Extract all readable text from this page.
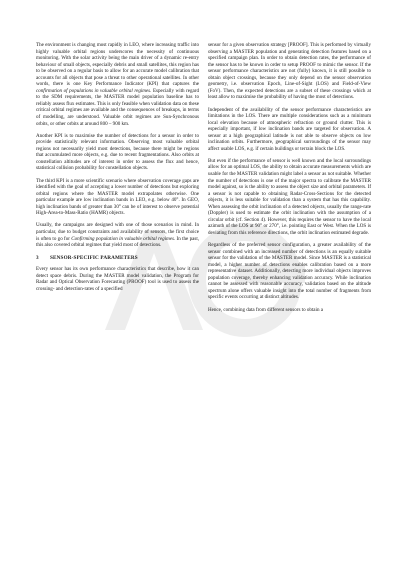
The environment is changing most rapidly in LEO, where increasing traffic into highly valuable orbital regions underscores the necessity of continuous monitoring. With the solar activity being the main driver of a dynamic re-entry behaviour of small objects, especially debris and small satellites, this region has to be observed on a regular basis to allow for an accurate model calibration that accounts for all objects that pose a threat to other operational satellites. In other words, there is one Key Performance Indicator (KPI) that captures the confirmation of populations in valuable orbital regimes. Especially with regard to the SDM requirements, the MASTER model population baseline has to reliably assess flux estimates. This is only feasible when validation data on these critical orbital regimes are available and the consequences of breakups, in terms of modelling, are understood. Valuable orbit regimes are Sun-Synchronous orbits, or other orbits at around 800 – 900 km.

Another KPI is to maximise the number of detections for a sensor in order to provide statistically relevant information. Observing most valuable orbital regions not necessarily yield most detections, because there might be regions that accumulated more objects, e.g. due to recent fragmentations. Also orbits at constellation altitudes are of interest in order to assess the flux and hence, statistical collision probability for constellation objects.

The third KPI is a more scientific scenario where observation coverage gaps are identified with the goal of accepting a lower number of detections but exploring orbital regions where the MASTER model extrapolates otherwise. One particular example are low inclination bands in LEO, e.g. below 40°. In GEO, high inclination bands of greater than 30° can be of interest to observe potential High-Area-to-Mass-Ratio (HAMR) objects.

Usually, the campaigns are designed with one of those scenarios in mind. In particular, due to budget constraints and availability of sensors, the first choice is often to go for Confirming population in valuable orbital regimes. In the past, this also covered orbital regimes that yield most of detections.

3 SENSOR-SPECIFIC PARAMETERS

Every sensor has its own performance characteristics that describe, how it can detect space debris. During the MASTER model validation, the Program for Radar and Optical Observation Forecasting (PROOF) tool is used to assess the crossing- and detection-rates of a specified

sensor for a given observation strategy [PROOF]. This is performed by virtually observing a MASTER population and generating detection features based on a specified campaign plan. In order to obtain detection rates, the performance of the sensor has to be known in order to setup PROOF to mimic the sensor. If the sensor performance characteristics are not (fully) known, it is still possible to obtain object crossings, because they only depend on the sensor observation geometry, i.e. observation Epoch, Line-of-Sight (LOS) and Field-of-View (FoV). Then, the expected detections are a subset of these crossings which at least allow to maximise the probability of having the most of detections.

Independent of the availability of the sensor performance characteristics are limitations in the LOS. There are multiple considerations such as a minimum local elevation because of atmospheric refraction or ground clutter. This is especially important, if low inclination bands are targeted for observation. A sensor at a high geographical latitude is not able to observe objects on low inclination orbits. Furthermore, geographical surroundings of the sensor may affect usable LOS, e.g. if certain buildings or terrain block the LOS.

But even if the performance of sensor is well known and the local surroundings allow for an optimal LOS, the ability to obtain accurate measurements which are usable for the MASTER validation might label a sensor as not suitable. Whether the number of detections is one of the major spectra to calibrate the MASTER model against, so is the ability to assess the object size and orbital parameters. If a sensor is not capable to obtaining Radar-Cross-Sections for the detected objects, it is less suitable for validation than a system that has this capability. When assessing the orbit inclination of a detected objects, usually the range-rate (Doppler) is used to estimate the orbit inclination with the assumption of a circular orbit (cf. Section 4). However, this requires the sensor to have the local azimuth of the LOS at 90° or 270°, i.e. pointing East or West. When the LOS is deviating from this reference directions, the orbit inclination estimated degrade.

Regardless of the preferred sensor configuration, a greater availability of the sensor combined with an increased number of detections is an equally suitable sensor for the validation of the MASTER model. Since MASTER is a statistical model, a higher number of detections enables calibration based on a more representative dataset. Additionally, detecting more individual objects improves population coverage, thereby enhancing validation accuracy. While inclination cannot be assessed with reasonable accuracy, validation based on the altitude spectrum alone offers valuable insight into the total number of fragments from specific events occurring at distinct altitudes.

Hence, combining data from different sensors to obtain a
